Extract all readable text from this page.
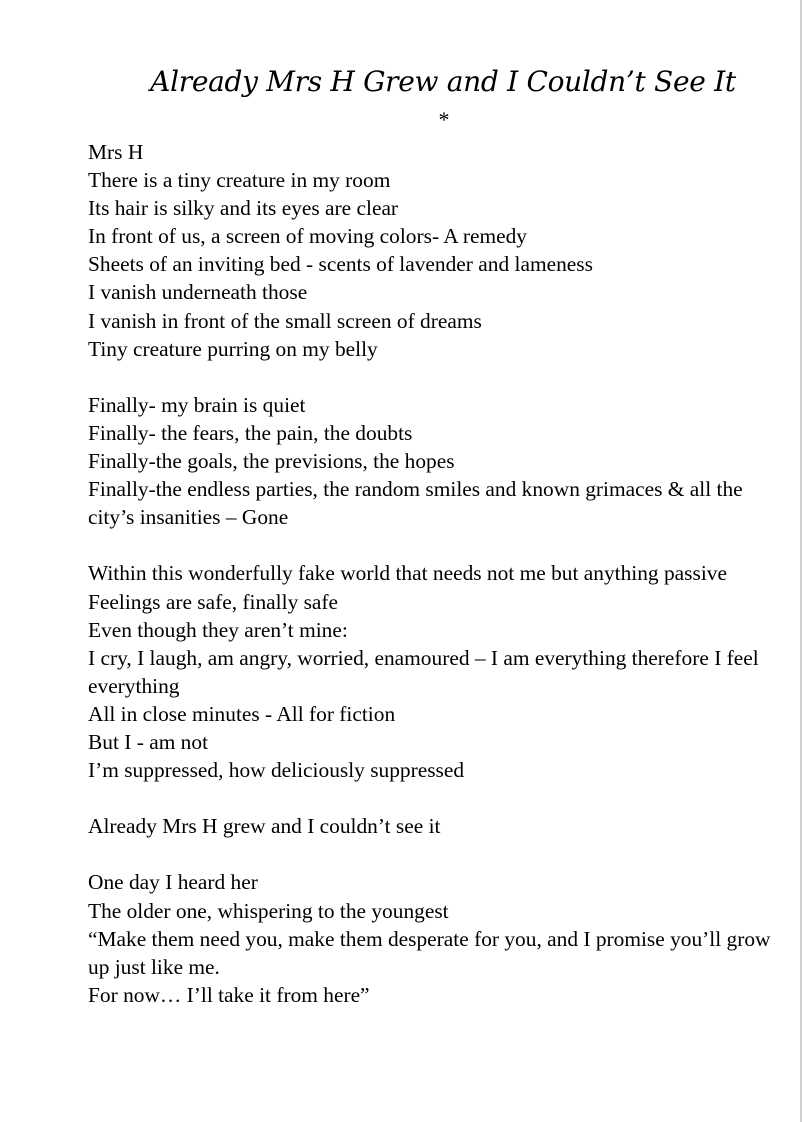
Already Mrs H Grew and I Couldn’t See It
*
Mrs H
There is a tiny creature in my room
Its hair is silky and its eyes are clear
In front of us, a screen of moving colors- A remedy
Sheets of an inviting bed - scents of lavender and lameness
I vanish underneath those
I vanish in front of the small screen of dreams
Tiny creature purring on my belly
Finally- my brain is quiet
Finally- the fears, the pain, the doubts
Finally-the goals, the previsions, the hopes
Finally-the endless parties, the random smiles and known grimaces & all the city’s insanities – Gone
Within this wonderfully fake world that needs not me but anything passive
Feelings are safe, finally safe
Even though they aren’t mine:
I cry, I laugh, am angry, worried, enamoured – I am everything therefore I feel everything
All in close minutes - All for fiction
But I - am not
I’m suppressed, how deliciously suppressed
Already Mrs H grew and I couldn’t see it
One day I heard her
The older one, whispering to the youngest
“Make them need you, make them desperate for you, and I promise you’ll grow up just like me.
For now… I’ll take it from here”
